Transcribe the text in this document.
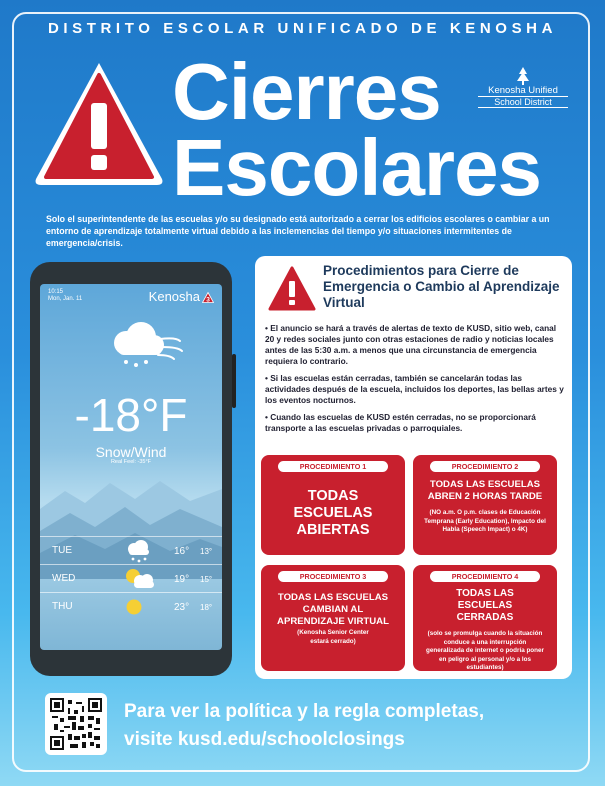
DISTRITO ESCOLAR UNIFICADO DE KENOSHA
Cierres
Escolares
Kenosha Unified
School District

Solo el superintendente de las escuelas y/o su designado está autorizado a cerrar los edificios escolares o cambiar a un entorno de aprendizaje totalmente virtual debido a las inclemencias del tiempo y/o situaciones intermitentes de emergencia/crisis.

10:15
Mon, Jan. 11	Kenosha 3
-18°F
Snow/Wind
Real Feel: -35°F
TUE	16° 13°
WED	19° 15°
THU	23° 18°
Procedimientos para Cierre de Emergencia o Cambio al Aprendizaje Virtual
• El anuncio se hará a través de alertas de texto de KUSD, sitio web, canal 20 y redes sociales junto con otras estaciones de radio y noticias locales antes de las 5:30 a.m. a menos que una circunstancia de emergencia requiera lo contrario.
• Si las escuelas están cerradas, también se cancelarán todas las actividades después de la escuela, incluidos los deportes, las bellas artes y los eventos nocturnos.
• Cuando las escuelas de KUSD estén cerradas, no se proporcionará transporte a las escuelas privadas o parroquiales.
PROCEDIMIENTO 1
TODAS ESCUELAS ABIERTAS
PROCEDIMIENTO 2
TODAS LAS ESCUELAS ABREN 2 HORAS TARDE
(NO a.m. O p.m. clases de Educación Temprana (Early Education), Impacto del Habla (Speech Impact) o 4K)
PROCEDIMIENTO 3
TODAS LAS ESCUELAS CAMBIAN AL APRENDIZAJE VIRTUAL
(Kenosha Senior Center estará cerrado)
PROCEDIMIENTO 4
TODAS LAS ESCUELAS CERRADAS
(solo se promulga cuando la situación conduce a una interrupción generalizada de internet o podría poner en peligro al personal y/o a los estudiantes)

Para ver la política y la regla completas,
visite kusd.edu/schoolclosings
